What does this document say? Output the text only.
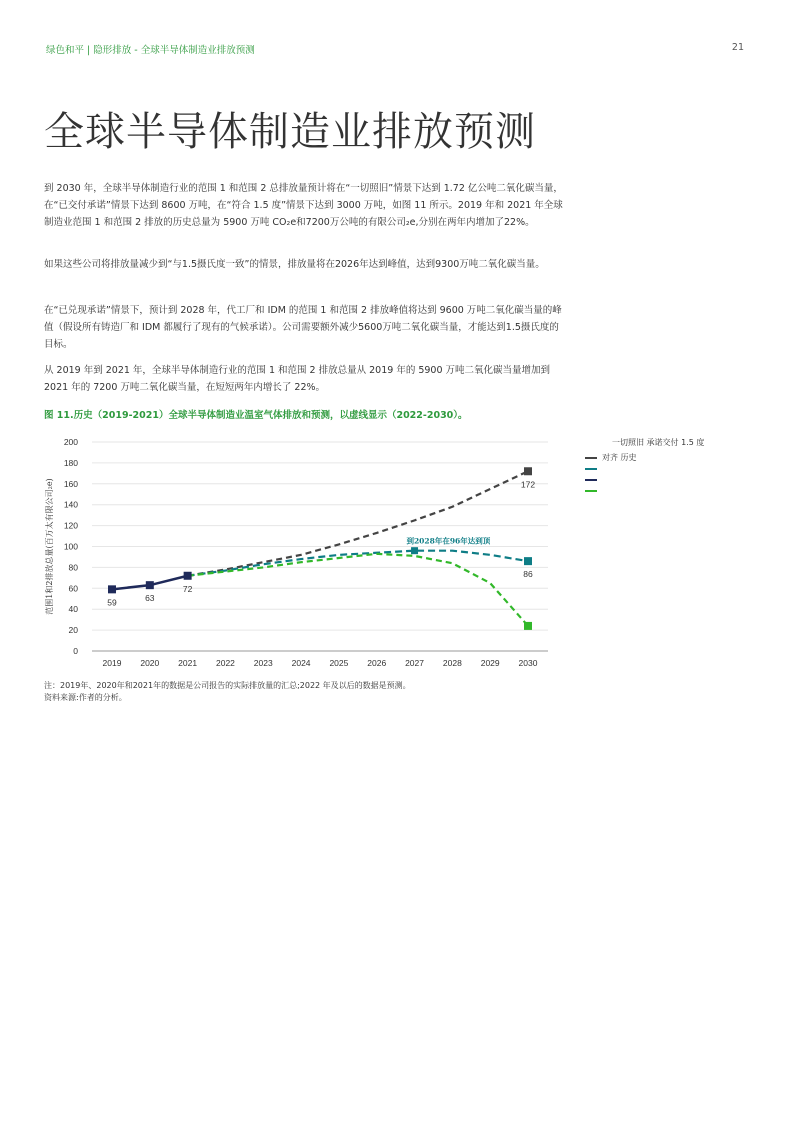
绿色和平 | 隐形排放 - 全球半导体制造业排放预测	21
全球半导体制造业排放预测

到 2030 年，全球半导体制造行业的范围 1 和范围 2 总排放量预计将在“一切照旧”情景下达到 1.72 亿公吨二氧化碳当量，在“已交付承诺”情景下达到 8600 万吨，在“符合 1.5 度”情景下达到 3000 万吨，如图 11 所示。2019 年和 2021 年全球制造业范围 1 和范围 2 排放的历史总量为 5900 万吨 CO₂e和7200万公吨的有限公司₂e,分别在两年内增加了22%。

如果这些公司将排放量减少到“与1.5摄氏度一致”的情景，排放量将在2026年达到峰值，达到9300万吨二氧化碳当量。

在“已兑现承诺”情景下，预计到 2028 年，代工厂和 IDM 的范围 1 和范围 2 排放峰值将达到 9600 万吨二氧化碳当量的峰值（假设所有铸造厂和 IDM 都履行了现有的气候承诺）。公司需要额外减少5600万吨二氧化碳当量，才能达到1.5摄氏度的目标。

从 2019 年到 2021 年，全球半导体制造行业的范围 1 和范围 2 排放总量从 2019 年的 5900 万吨二氧化碳当量增加到 2021 年的 7200 万吨二氧化碳当量，在短短两年内增长了 22%。

图 11.历史（2019-2021）全球半导体制造业温室气体排放和预测，以虚线显示（2022-2030）。
0
20
40
60
80
100
120
140
160
180
200
2019 2020 2021 2022 2023 2024 2025 2026 2027 2028 2029 2030
范围1和2排放总量(百万太有限公司₂e)	172
86
59	63
72
到2028年在96年达到顶
一切照旧 承诺交付 1.5 度
对齐 历史
注：2019年、2020年和2021年的数据是公司报告的实际排放量的汇总;2022 年及以后的数据是预测。
资料来源:作者的分析。
